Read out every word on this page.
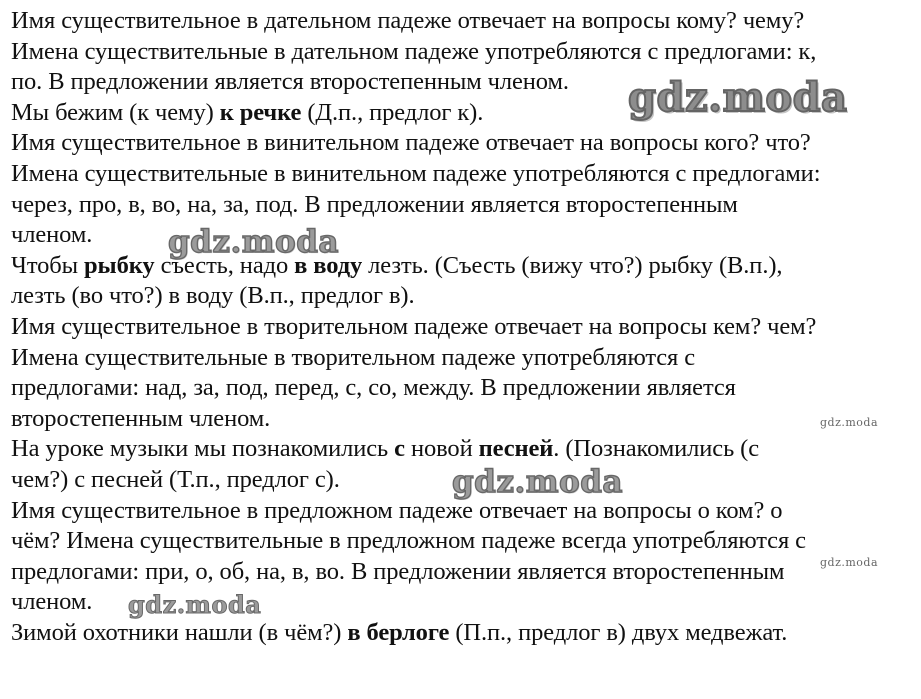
Имя существительное в дательном падеже отвечает на вопросы кому? чему?
Имена существительные в дательном падеже употребляются с предлогами: к,
по. В предложении является второстепенным членом.
Мы бежим (к чему) к речке (Д.п., предлог к).
Имя существительное в винительном падеже отвечает на вопросы кого? что?
Имена существительные в винительном падеже употребляются с предлогами:
через, про, в, во, на, за, под. В предложении является второстепенным
членом.
Чтобы рыбку съесть, надо в воду лезть. (Съесть (вижу что?) рыбку (В.п.),
лезть (во что?) в воду (В.п., предлог в).
Имя существительное в творительном падеже отвечает на вопросы кем? чем?
Имена существительные в творительном падеже употребляются с
предлогами: над, за, под, перед, с, со, между. В предложении является
второстепенным членом.
На уроке музыки мы познакомились с новой песней. (Познакомились (с
чем?) с песней (Т.п., предлог с).
Имя существительное в предложном падеже отвечает на вопросы о ком? о
чём? Имена существительные в предложном падеже всегда употребляются с
предлогами: при, о, об, на, в, во. В предложении является второстепенным
членом.
Зимой охотники нашли (в чём?) в берлоге (П.п., предлог в) двух медвежат.
gdz.moda
gdz.moda
gdz.moda
gdz.moda
gdz.moda
gdz.moda
